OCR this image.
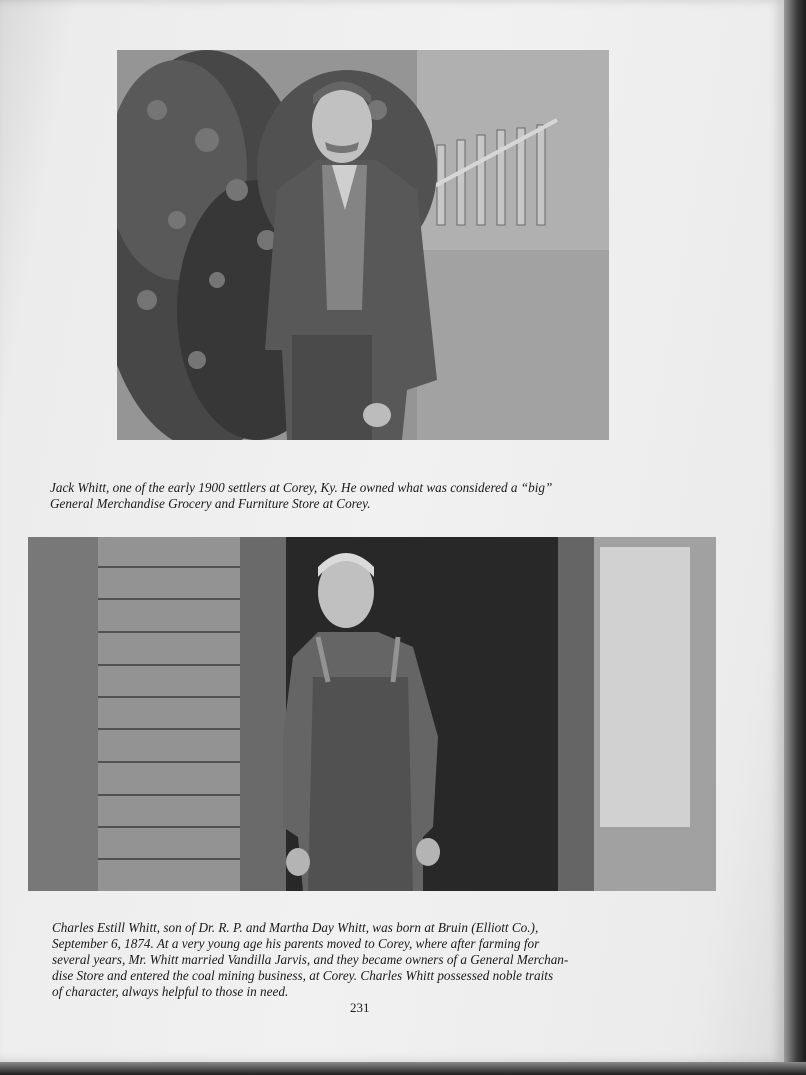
Jack Whitt, one of the early 1900 settlers at Corey, Ky. He owned what was considered a “big”
General Merchandise Grocery and Furniture Store at Corey.
Charles Estill Whitt, son of Dr. R. P. and Martha Day Whitt, was born at Bruin (Elliott Co.),
September 6, 1874. At a very young age his parents moved to Corey, where after farming for
several years, Mr. Whitt married Vandilla Jarvis, and they became owners of a General Merchan-
dise Store and entered the coal mining business, at Corey. Charles Whitt possessed noble traits
of character, always helpful to those in need.
231
